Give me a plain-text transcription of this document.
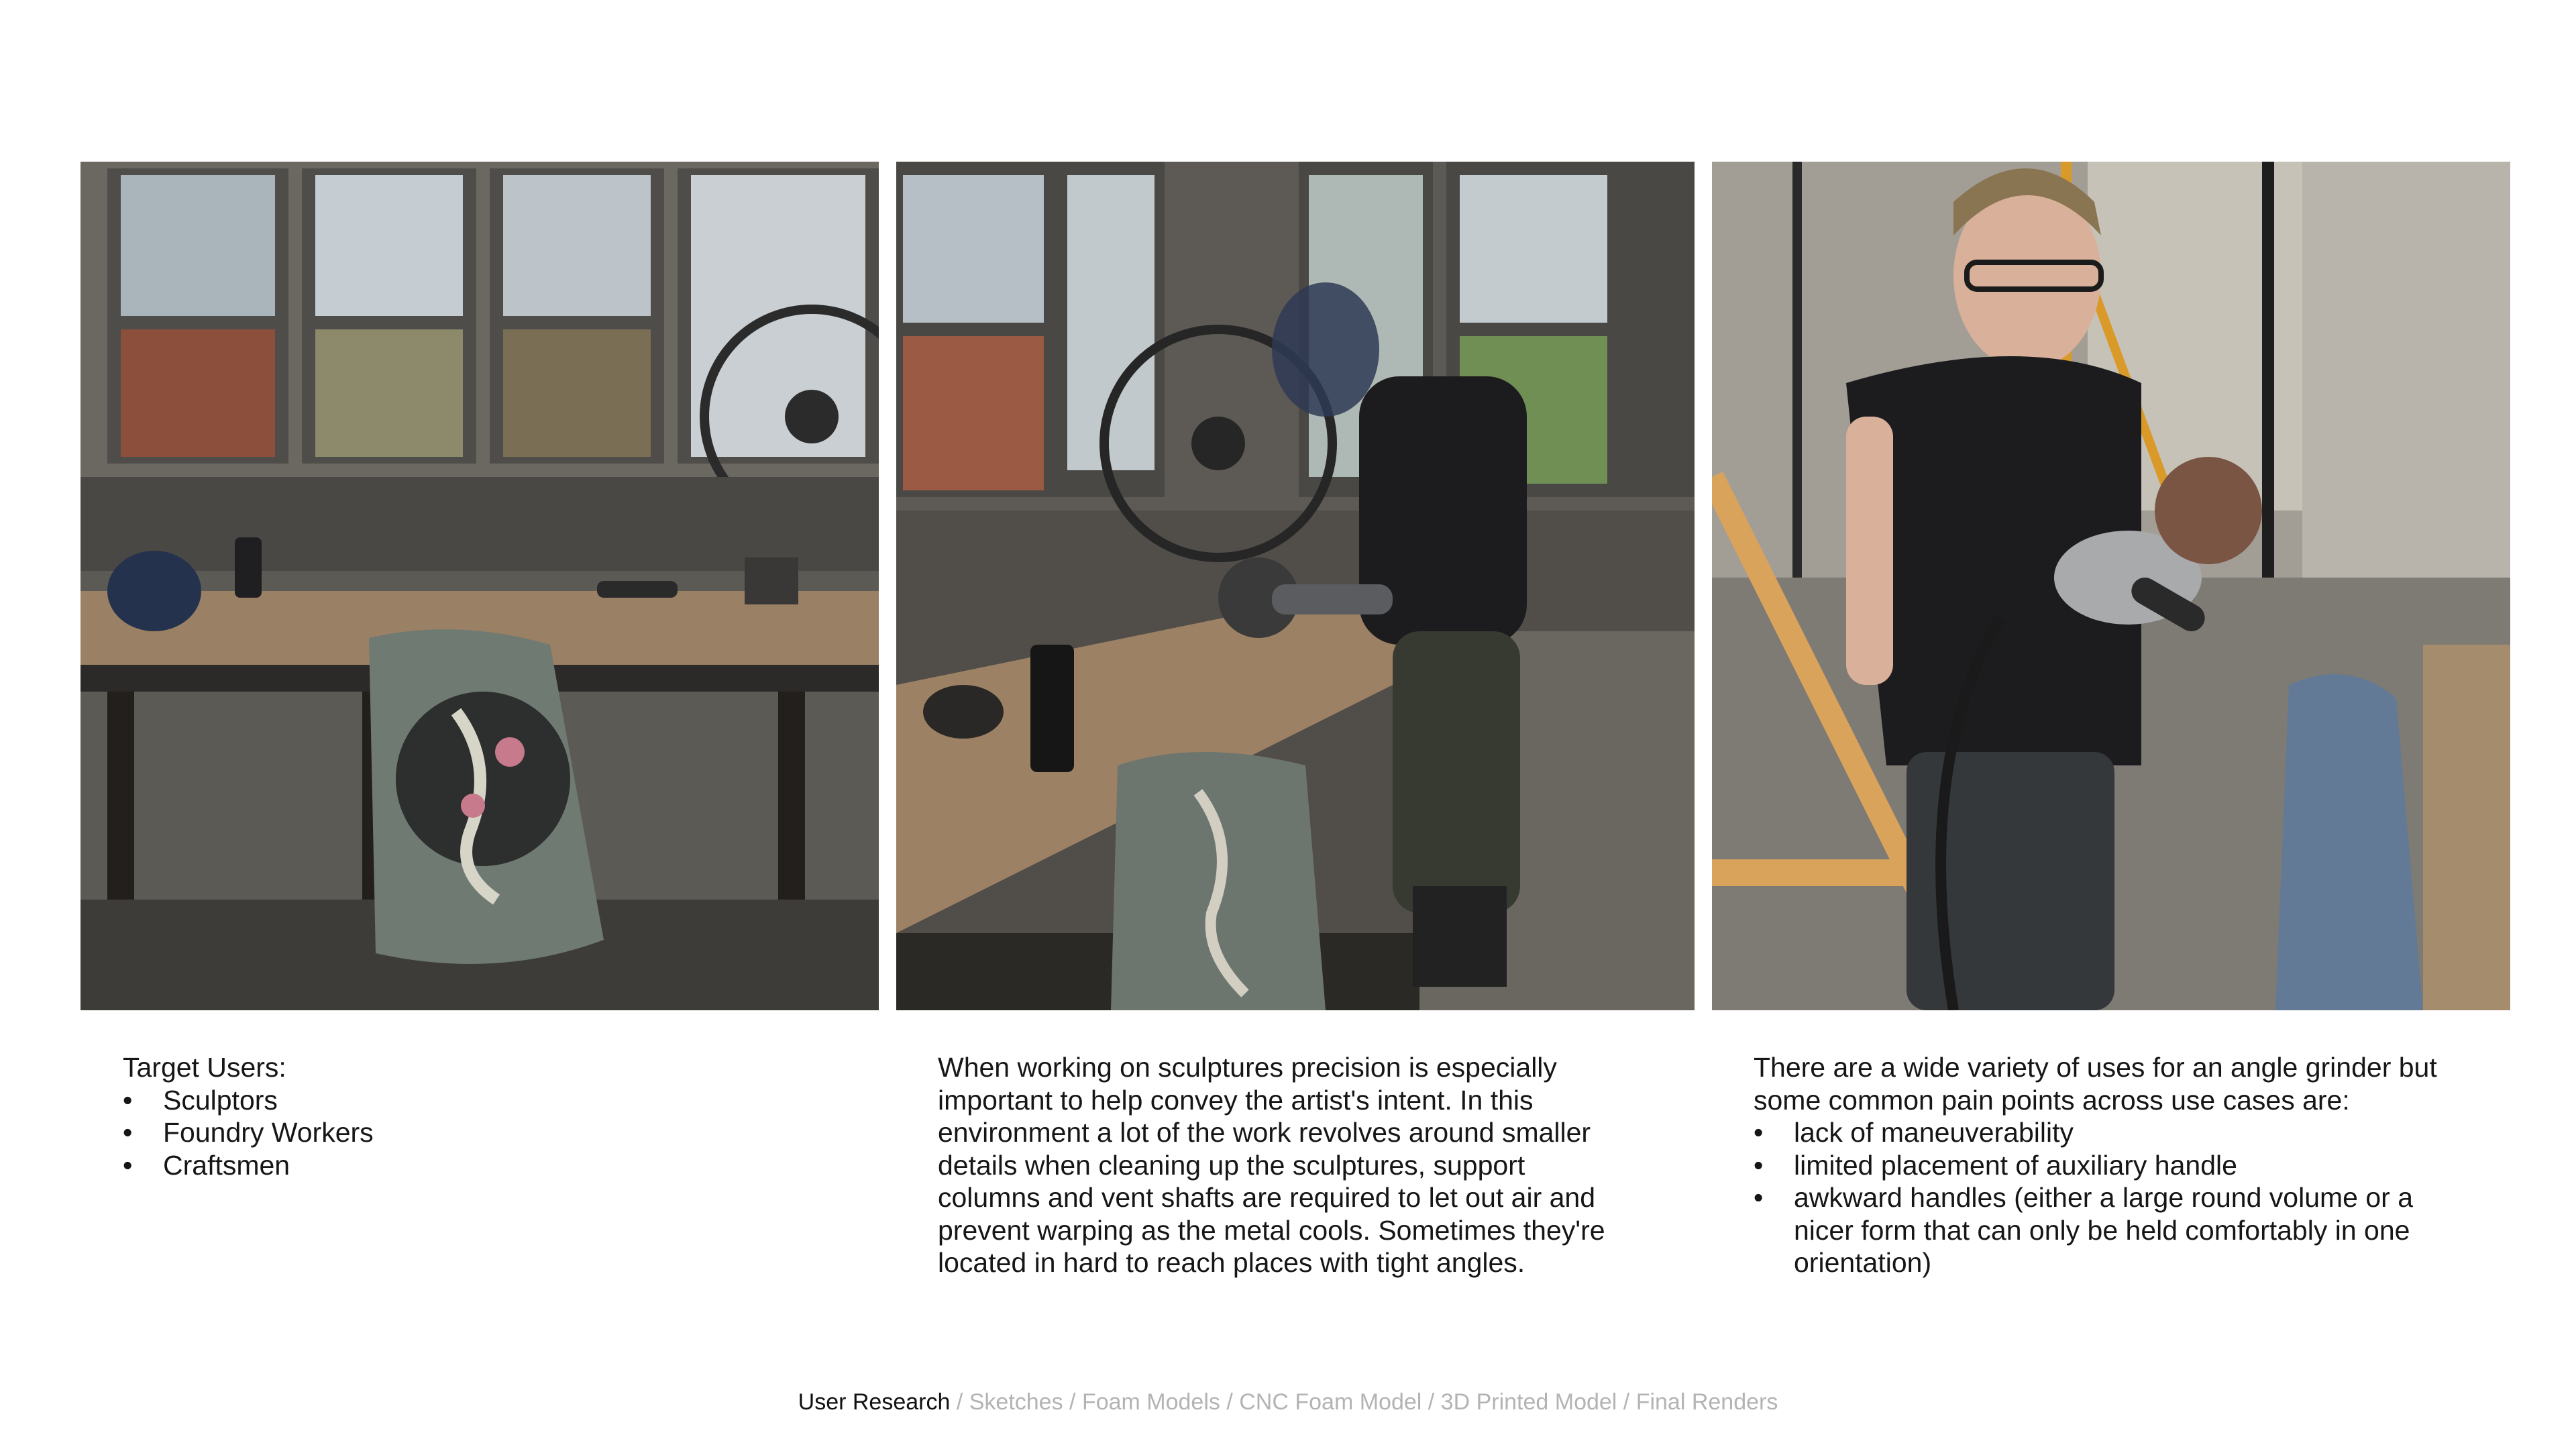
Target Users:

•	Sculptors
•	Foundry Workers
•	Craftsmen

When working on sculptures precision is especially

important to help convey the artist's intent. In this

environment a lot of the work revolves around smaller

details when cleaning up the sculptures, support

columns and vent shafts are required to let out air and

prevent warping as the metal cools. Sometimes they're

located in hard to reach places with tight angles.

There are a wide variety of uses for an angle grinder but

some common pain points across use cases are:

•	lack of maneuverability
•	limited placement of auxiliary handle
•	awkward handles (either a large round volume or a
nicer form that can only be held comfortably in one
orientation)
User Research / Sketches / Foam Models / CNC Foam Model / 3D Printed Model / Final Renders
